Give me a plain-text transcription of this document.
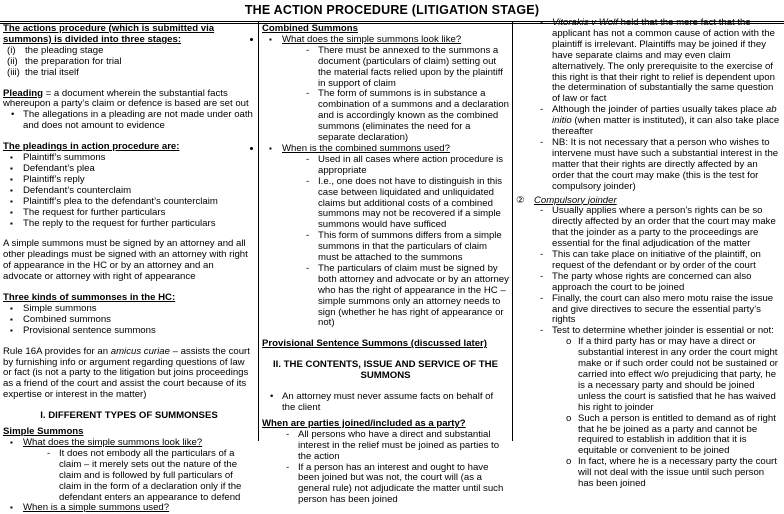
THE ACTION PROCEDURE (LITIGATION STAGE)

The actions procedure (which is submitted via summons) is divided into three stages:

(i) the pleading stage
(ii) the preparation for trial
(iii) the trial itself

Pleading = a document wherein the substantial facts whereupon a party’s claim or defence is based are set out

• The allegations in a pleading are not made under oath and does not amount to evidence

The pleadings in action procedure are:

▪ • Plaintiff’s summons
▪ • Defendant’s plea
▪ • Plaintiff’s reply
▪ • Defendant’s counterclaim
▪ • Plaintiff’s plea to the defendant’s counterclaim
▪ • The request for further particulars
▪ • The reply to the request for further particulars

A simple summons must be signed by an attorney and all other pleadings must be signed with an attorney with right of appearance in the HC or by an attorney and an advocate or attorney with right of appearance

Three kinds of summonses in the HC:

▪ • Simple summons
▪ • Combined summons
▪ • Provisional sentence summons

Rule 16A provides for an amicus curiae – assists the court by furnishing info or argument regarding questions of law or fact (is not a party to the litigation but joins proceedings as a friend of the court and assist the court because of its expertise or interest in the matter)

I. DIFFERENT TYPES OF SUMMONSES

Simple Summons

▪ • What does the simple summons look like?
- It does not embody all the particulars of a claim – it merely sets out the nature of the claim and is followed by full particulars of claim in the form of a declaration only if the defendant enters an appearance to defend
▪ • When is a simple summons used?

Combined Summons

▪ • What does the simple summons look like?
- There must be annexed to the summons a document (particulars of claim) setting out the material facts relied upon by the plaintiff in support of claim
- The form of summons is in substance a combination of a summons and a declaration and is accordingly known as the combined summons (eliminates the need for a separate declaration)
▪ • When is the combined summons used?
- Used in all cases where action procedure is appropriate
- I.e., one does not have to distinguish in this case between liquidated and unliquidated claims but additional costs of a combined summons may not be recovered if a simple summons would have sufficed
- This form of summons differs from a simple summons in that the particulars of claim must be attached to the summons
- The particulars of claim must be signed by both attorney and advocate or by an attorney who has the right of appearance in the HC – simple summons only an attorney needs to sign (whether he has right of appearance or not)

Provisional Sentence Summons (discussed later)

II. THE CONTENTS, ISSUE AND SERVICE OF THE SUMMONS

• An attorney must never assume facts on behalf of the client

When are parties joined/included as a party?

- All persons who have a direct and substantial interest in the relief must be joined as parties to the action
- If a person has an interest and ought to have been joined but was not, the court will (as a general rule) not adjudicate the matter until such person has been joined
- Vitorakis v Wolf held that the mere fact that the applicant has not a common cause of action with the plaintiff is irrelevant. Plaintiffs may be joined if they have separate claims and may even claim alternatively. The only prerequisite to the exercise of this right is that their right to relief is dependent upon the determination of substantially the same question of law or fact
- Although the joinder of parties usually takes place ab initio (when matter is instituted), it can also take place thereafter
- NB: It is not necessary that a person who wishes to intervene must have such a substantial interest in the matter that their rights are directly affected by an order that the court may make (this is the test for compulsory joinder)
② Compulsory joinder
- Usually applies where a person’s rights can be so directly affected by an order that the court may make that the joinder as a party to the proceedings are essential for the final adjudication of the matter
- This can take place on initiative of the plaintiff, on request of the defendant or by order of the court
- The party whose rights are concerned can also approach the court to be joined
- Finally, the court can also mero motu raise the issue and give directives to secure the essential party’s rights
- Test to determine whether joinder is essential or not:
o If a third party has or may have a direct or substantial interest in any order the court might make or if such order could not be sustained or carried into effect w/o prejudicing that party, he is a necessary party and should be joined unless the court is satisfied that he has waived his right to joinder
o Such a person is entitled to demand as of right that he be joined as a party and cannot be required to establish in addition that it is equitable or convenient to be joined
o In fact, where he is a necessary party the court will not deal with the issue until such person has been joined
